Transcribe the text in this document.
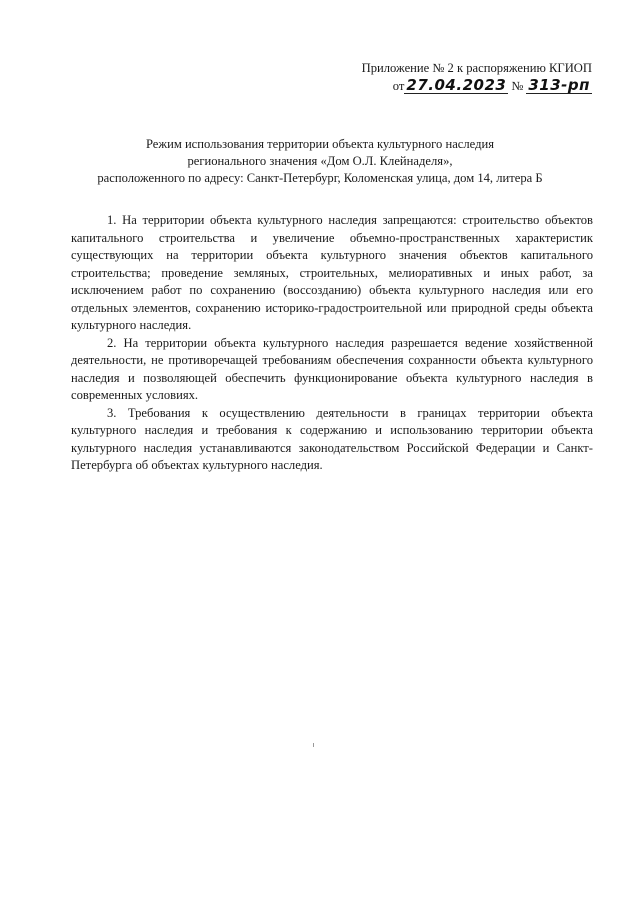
Приложение № 2 к распоряжению КГИОП
от 27.04.2023 № 313-рп
Режим использования территории объекта культурного наследия
регионального значения «Дом О.Л. Клейнаделя»,
расположенного по адресу: Санкт-Петербург, Коломенская улица, дом 14, литера Б

1. На территории объекта культурного наследия запрещаются: строительство объектов капитального строительства и увеличение объемно-пространственных характеристик существующих на территории объекта культурного значения объектов капитального строительства; проведение земляных, строительных, мелиоративных и иных работ, за исключением работ по сохранению (воссозданию) объекта культурного наследия или его отдельных элементов, сохранению историко-градостроительной или природной среды объекта культурного наследия.

2. На территории объекта культурного наследия разрешается ведение хозяйственной деятельности, не противоречащей требованиям обеспечения сохранности объекта культурного наследия и позволяющей обеспечить функционирование объекта культурного наследия в современных условиях.

3. Требования к осуществлению деятельности в границах территории объекта культурного наследия и требования к содержанию и использованию территории объекта культурного наследия устанавливаются законодательством Российской Федерации и Санкт-Петербурга об объектах культурного наследия.
